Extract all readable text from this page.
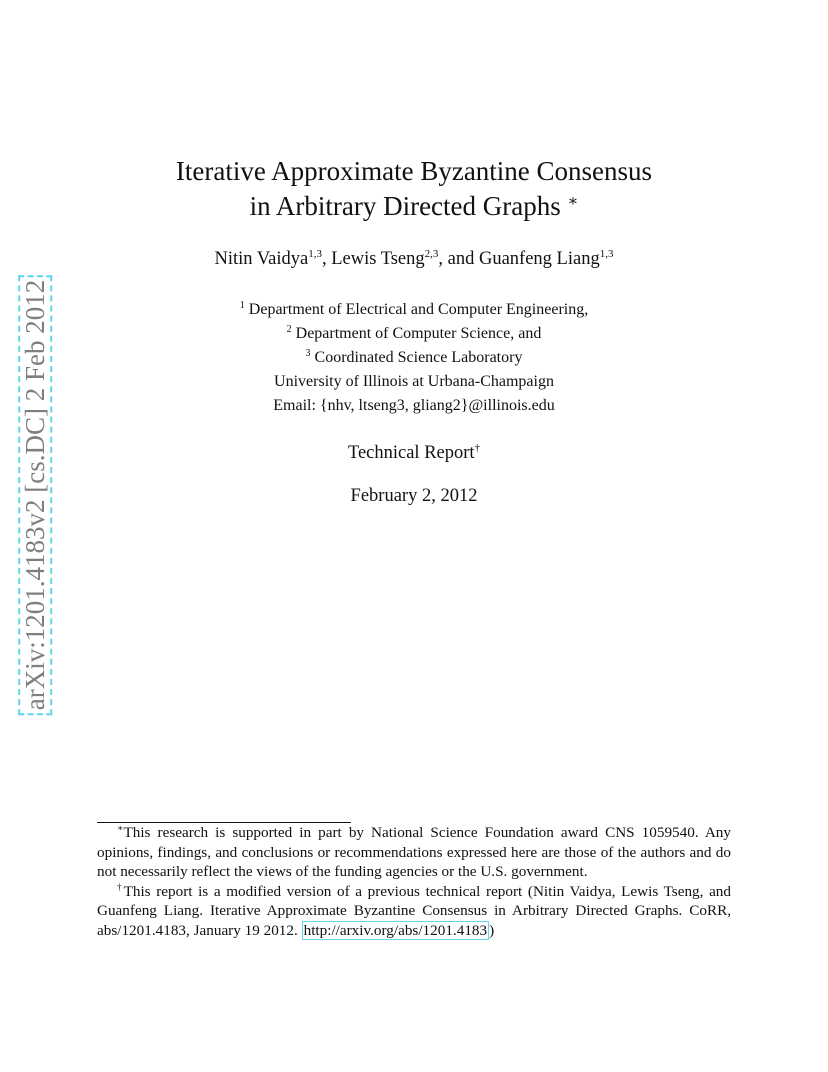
arXiv:1201.4183v2 [cs.DC] 2 Feb 2012
Iterative Approximate Byzantine Consensus
in Arbitrary Directed Graphs ∗
Nitin Vaidya$^{1,3}$, Lewis Tseng$^{2,3}$, and Guanfeng Liang$^{1,3}$
$^1$ Department of Electrical and Computer Engineering,
$^2$ Department of Computer Science, and
$^3$ Coordinated Science Laboratory
University of Illinois at Urbana-Champaign
Email: {nhv, ltseng3, gliang2}@illinois.edu
Technical Report†
February 2, 2012

∗This research is supported in part by National Science Foundation award CNS 1059540. Any opinions, findings, and conclusions or recommendations expressed here are those of the authors and do not necessarily reflect the views of the funding agencies or the U.S. government.

†This report is a modified version of a previous technical report (Nitin Vaidya, Lewis Tseng, and Guanfeng Liang. Iterative Approximate Byzantine Consensus in Arbitrary Directed Graphs. CoRR, abs/1201.4183, January 19 2012. http://arxiv.org/abs/1201.4183 )
